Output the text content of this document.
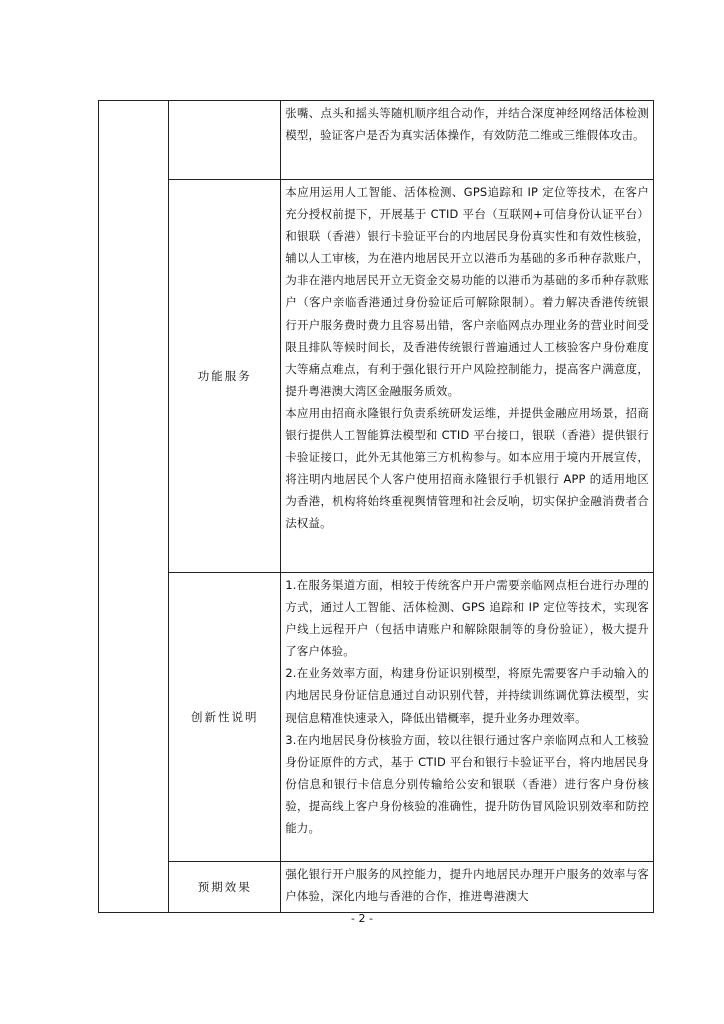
		张嘴、点头和摇头等随机顺序组合动作，并结合深度神经网络活体检测模型，验证客户是否为真实活体操作，有效防范二维或三维假体攻击。

	功能服务	本应用运用人工智能、活体检测、GPS追踪和 IP 定位等技术，在客户充分授权前提下，开展基于 CTID 平台（互联网+可信身份认证平台）和银联（香港）银行卡验证平台的内地居民身份真实性和有效性核验，辅以人工审核，为在港内地居民开立以港币为基础的多币种存款账户，为非在港内地居民开立无资金交易功能的以港币为基础的多币种存款账户（客户亲临香港通过身份验证后可解除限制）。着力解决香港传统银行开户服务费时费力且容易出错，客户亲临网点办理业务的营业时间受限且排队等候时间长，及香港传统银行普遍通过人工核验客户身份难度大等痛点难点，有利于强化银行开户风险控制能力，提高客户满意度，提升粤港澳大湾区金融服务质效。

本应用由招商永隆银行负责系统研发运维，并提供金融应用场景，招商银行提供人工智能算法模型和 CTID 平台接口，银联（香港）提供银行卡验证接口，此外无其他第三方机构参与。如本应用于境内开展宣传，将注明内地居民个人客户使用招商永隆银行手机银行 APP 的适用地区为香港，机构将始终重视舆情管理和社会反响，切实保护金融消费者合法权益。

	创新性说明	1.在服务渠道方面，相较于传统客户开户需要亲临网点柜台进行办理的方式，通过人工智能、活体检测、GPS 追踪和 IP 定位等技术，实现客户线上远程开户（包括申请账户和解除限制等的身份验证），极大提升了客户体验。

2.在业务效率方面，构建身份证识别模型，将原先需要客户手动输入的内地居民身份证信息通过自动识别代替，并持续训练调优算法模型，实现信息精准快速录入，降低出错概率，提升业务办理效率。

3.在内地居民身份核验方面，较以往银行通过客户亲临网点和人工核验身份证原件的方式，基于 CTID 平台和银行卡验证平台，将内地居民身份信息和银行卡信息分别传输给公安和银联（香港）进行客户身份核验，提高线上客户身份核验的准确性，提升防伪冒风险识别效率和防控能力。

	预期效果	强化银行开户服务的风控能力，提升内地居民办理开户服务的效率与客户体验，深化内地与香港的合作，推进粤港澳大

- 2 -
